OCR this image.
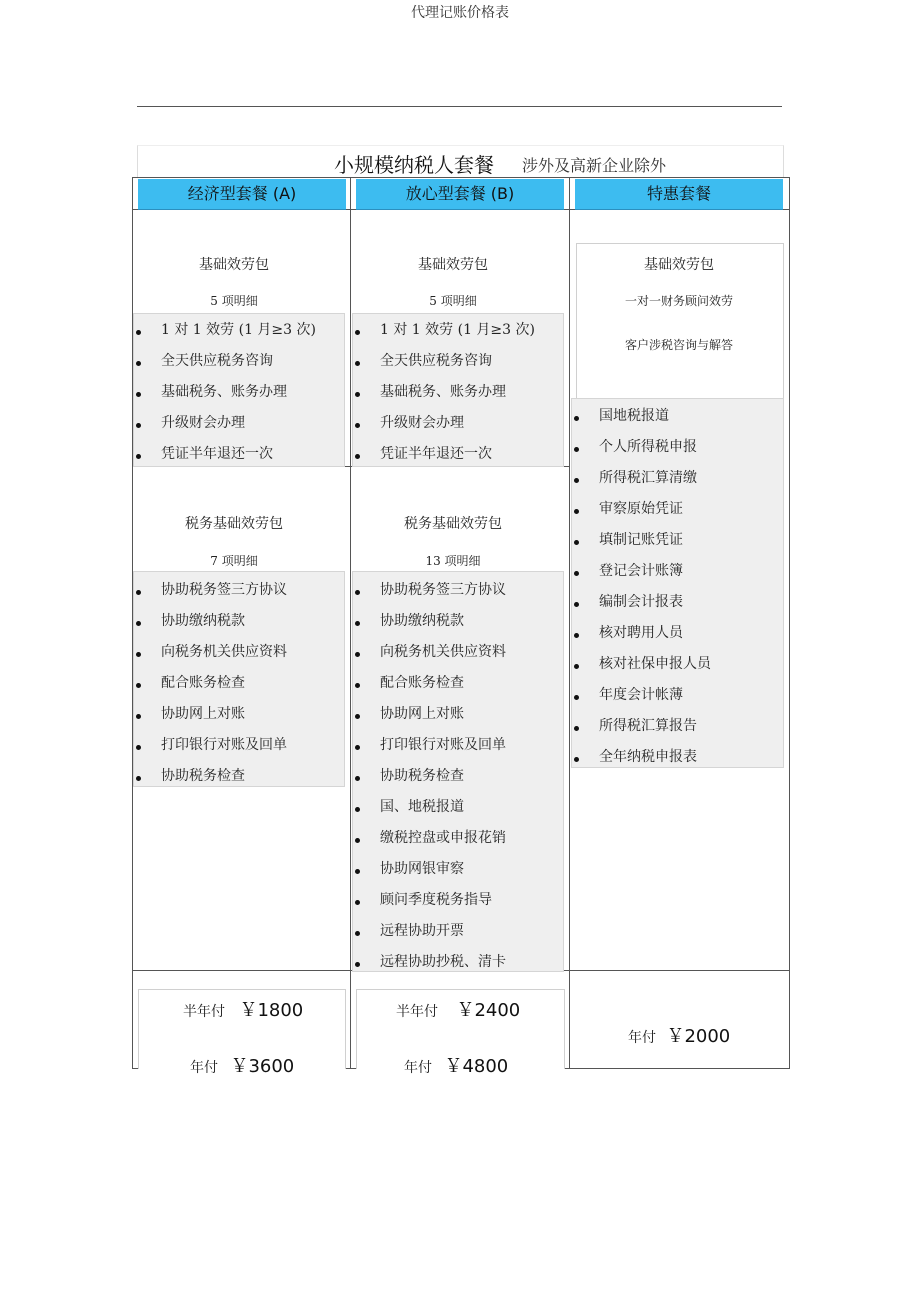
代理记账价格表
小规模纳税人套餐 涉外及高新企业除外
经济型套餐 (A)	放心型套餐 (B)	特惠套餐
基础效劳包
5 项明细
1 对 1 效劳 (1 月≥3 次)
全天供应税务咨询
基础税务、账务办理
升级财会办理
凭证半年退还一次
税务基础效劳包
7 项明细
协助税务签三方协议
协助缴纳税款
向税务机关供应资料
配合账务检查
协助网上对账
打印银行对账及回单
协助税务检查
半年付 ￥1800
年付 ￥3600
基础效劳包
5 项明细
1 对 1 效劳 (1 月≥3 次)
全天供应税务咨询
基础税务、账务办理
升级财会办理
凭证半年退还一次
税务基础效劳包
13 项明细
协助税务签三方协议
协助缴纳税款
向税务机关供应资料
配合账务检查
协助网上对账
打印银行对账及回单
协助税务检查
国、地税报道
缴税控盘或申报花销
协助网银审察
顾问季度税务指导
远程协助开票
远程协助抄税、清卡
半年付 ￥2400
年付 ￥4800
基础效劳包
一对一财务顾问效劳
客户涉税咨询与解答
国地税报道
个人所得税申报
所得税汇算清缴
审察原始凭证
填制记账凭证
登记会计账簿
编制会计报表
核对聘用人员
核对社保申报人员
年度会计帐薄
所得税汇算报告
全年纳税申报表
年付 ￥2000
